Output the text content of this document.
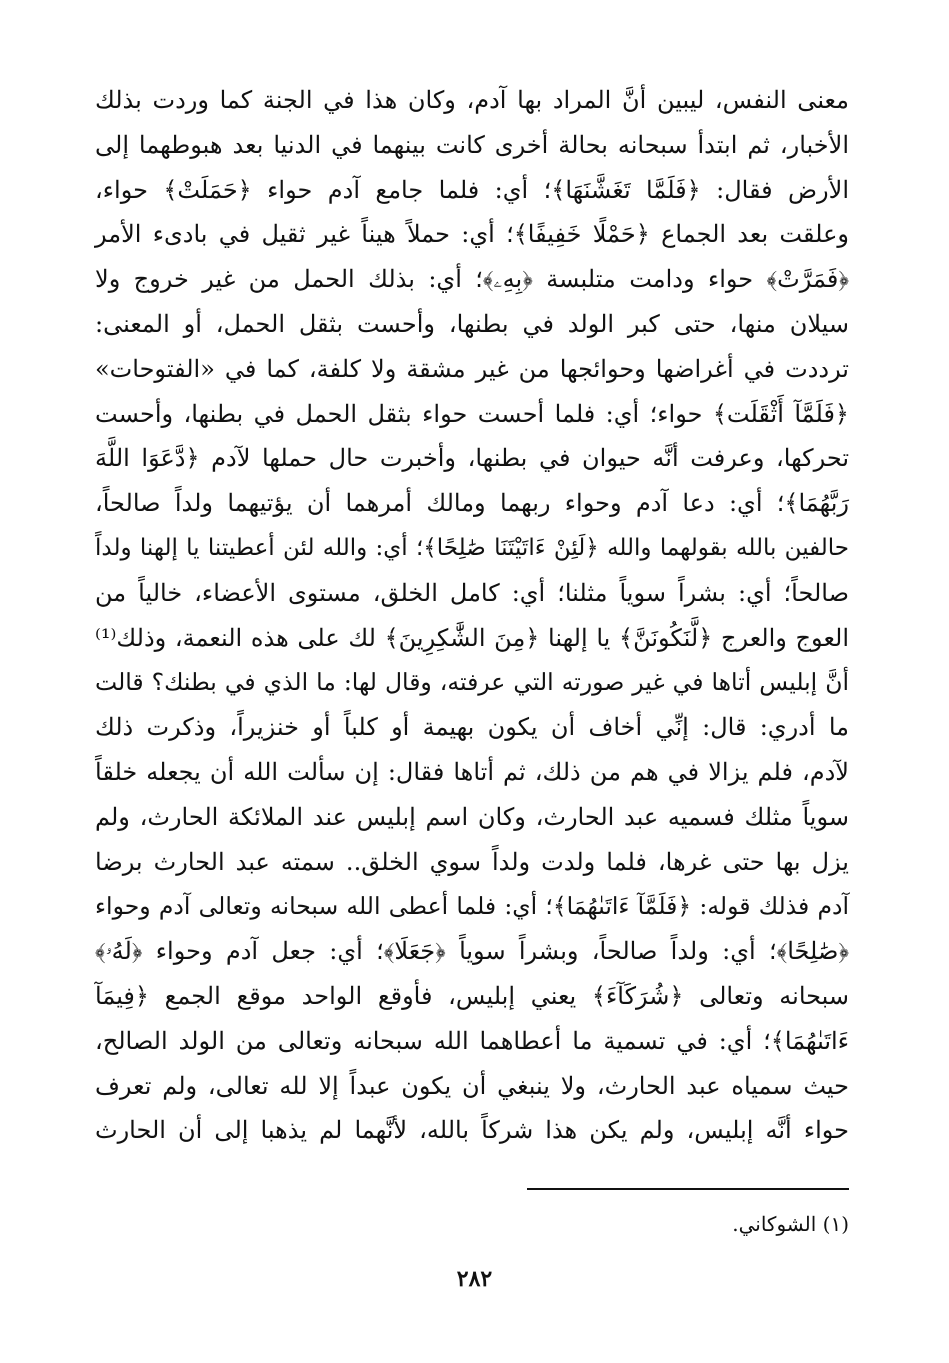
معنى النفس، ليبين أنَّ المراد بها آدم، وكان هذا في الجنة كما وردت بذلك
الأخبار، ثم ابتدأ سبحانه بحالة أخرى كانت بينهما في الدنيا بعد هبوطهما إلى
الأرض فقال: ﴿فَلَمَّا تَغَشَّنَهَا﴾؛ أي: فلما جامع آدم حواء ﴿حَمَلَتْ﴾ حواء،
وعلقت بعد الجماع ﴿حَمْلًا خَفِيفًا﴾؛ أي: حملاً هيناً غير ثقيل في بادىء الأمر
﴿فَمَرَّتْ﴾ حواء ودامت متلبسة ﴿بِهِۦ﴾؛ أي: بذلك الحمل من غير خروج ولا
سيلان منها، حتى كبر الولد في بطنها، وأحست بثقل الحمل، أو المعنى:
ترددت في أغراضها وحوائجها من غير مشقة ولا كلفة، كما في «الفتوحات»
﴿فَلَمَّآ أَثْقَلَت﴾ حواء؛ أي: فلما أحست حواء بثقل الحمل في بطنها، وأحست
تحركها، وعرفت أنَّه حيوان في بطنها، وأخبرت حال حملها لآدم ﴿دَّعَوَا اللَّهَ
رَبَّهُمَا﴾؛ أي: دعا آدم وحواء ربهما ومالك أمرهما أن يؤتيهما ولداً صالحاً،
حالفين بالله بقولهما والله ﴿لَئِنْ ءَاتَيْتَنَا صَٰلِحًا﴾؛ أي: والله لئن أعطيتنا يا إلهنا ولداً
صالحاً؛ أي: بشراً سوياً مثلنا؛ أي: كامل الخلق، مستوى الأعضاء، خالياً من
العوج والعرج ﴿لَّنَكُونَنَّ﴾ يا إلهنا ﴿مِنَ الشَّٰكِرِينَ﴾ لك على هذه النعمة، وذلك⁽¹⁾
أنَّ إبليس أتاها في غير صورته التي عرفته، وقال لها: ما الذي في بطنك؟ قالت
ما أدري: قال: إنِّي أخاف أن يكون بهيمة أو كلباً أو خنزيراً، وذكرت ذلك
لآدم، فلم يزالا في هم من ذلك، ثم أتاها فقال: إن سألت الله أن يجعله خلقاً
سوياً مثلك فسميه عبد الحارث، وكان اسم إبليس عند الملائكة الحارث، ولم
يزل بها حتى غرها، فلما ولدت ولداً سوي الخلق.. سمته عبد الحارث برضا
آدم فذلك قوله: ﴿فَلَمَّآ ءَاتَىٰهُمَا﴾؛ أي: فلما أعطى الله سبحانه وتعالى آدم وحواء
﴿صَٰلِحًا﴾؛ أي: ولداً صالحاً، وبشراً سوياً ﴿جَعَلَا﴾؛ أي: جعل آدم وحواء ﴿لَهُۥ﴾
سبحانه وتعالى ﴿شُرَكَآءَ﴾ يعني إبليس، فأوقع الواحد موقع الجمع ﴿فِيمَآ
ءَاتَىٰهُمَا﴾؛ أي: في تسمية ما أعطاهما الله سبحانه وتعالى من الولد الصالح،
حيث سمياه عبد الحارث، ولا ينبغي أن يكون عبداً إلا لله تعالى، ولم تعرف
حواء أنَّه إبليس، ولم يكن هذا شركاً بالله، لأنَّهما لم يذهبا إلى أن الحارث

(١) الشوكاني.

٢٨٢
